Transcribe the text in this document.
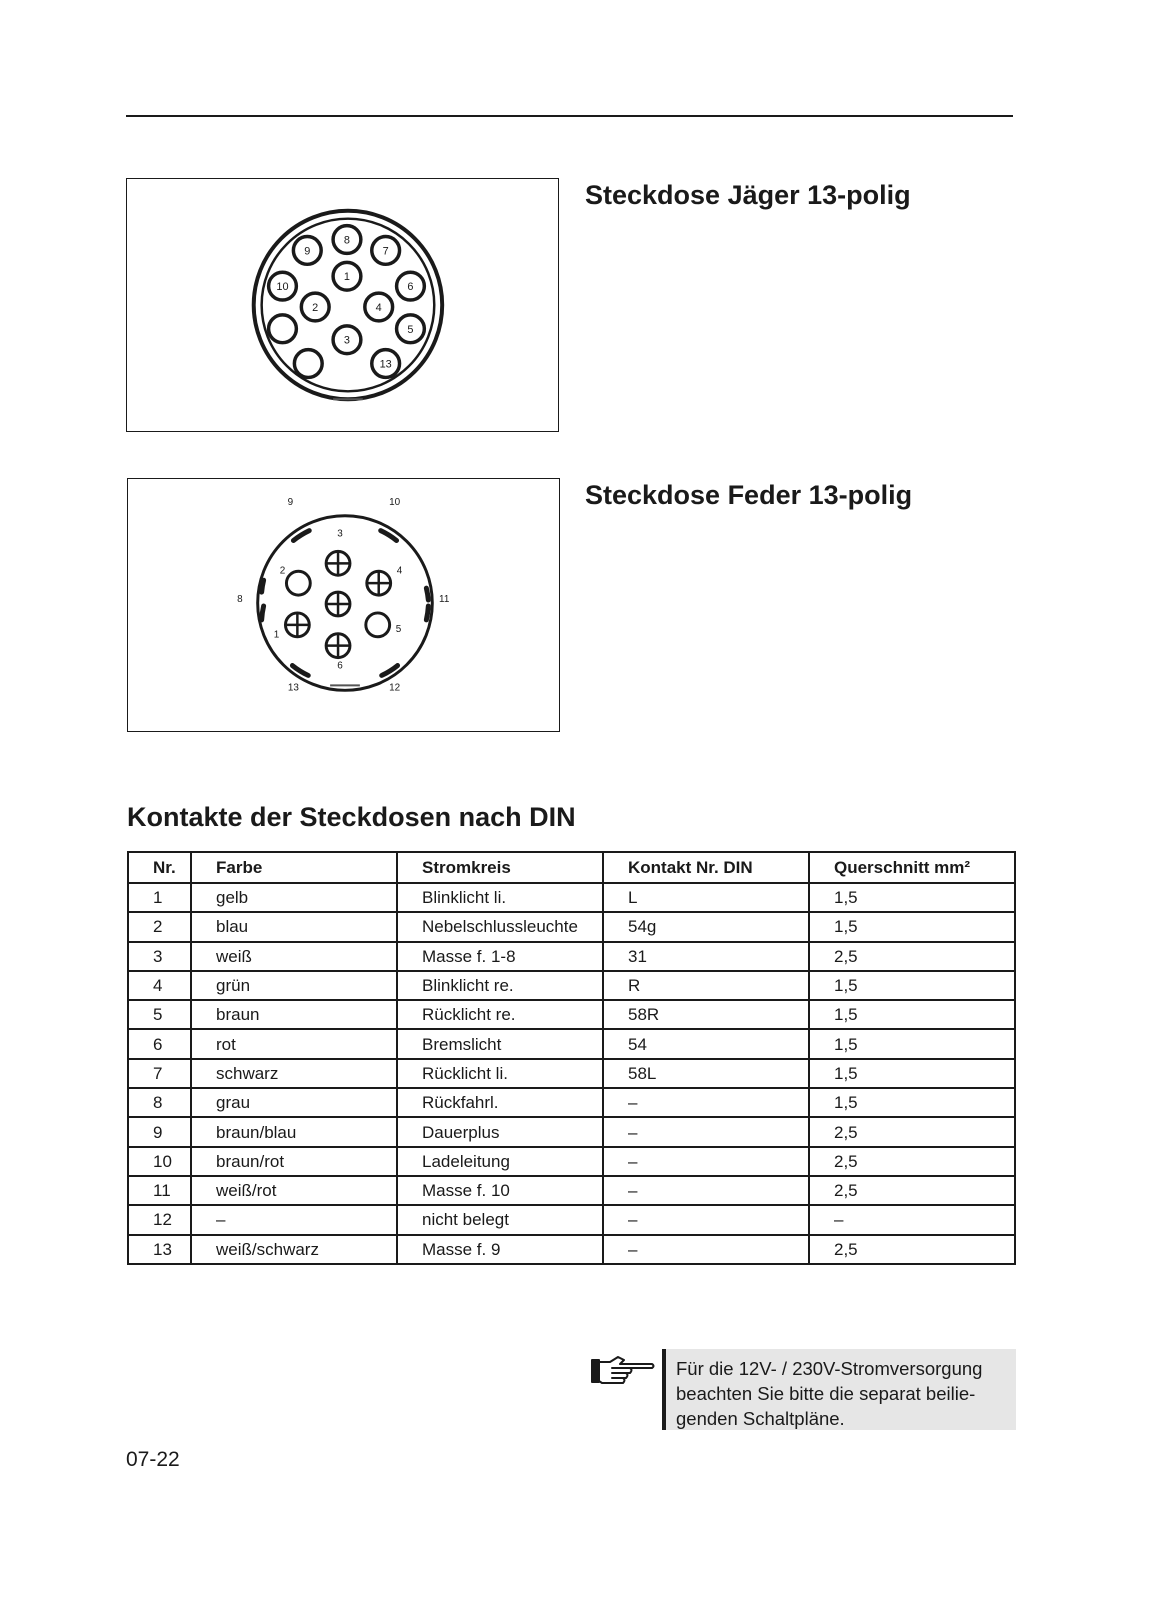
8
9	7
1
10	6
2	4
5
3
13
Steckdose Jäger 13-polig
9	10
8	11
13	12
3
2	4
1
5
6
Steckdose Feder 13-polig
Kontakte der Steckdosen nach DIN
Nr.	Farbe	Stromkreis	Kontakt Nr. DIN	Querschnitt mm²
1	gelb	Blinklicht li.	L	1,5
2	blau	Nebelschlussleuchte	54g	1,5
3	weiß	Masse f. 1-8	31	2,5
4	grün	Blinklicht re.	R	1,5
5	braun	Rücklicht re.	58R	1,5
6	rot	Bremslicht	54	1,5
7	schwarz	Rücklicht li.	58L	1,5
8	grau	Rückfahrl.	–	1,5
9	braun/blau	Dauerplus	–	2,5
10	braun/rot	Ladeleitung	–	2,5
11	weiß/rot	Masse f. 10	–	2,5
12	–	nicht belegt	–	–
13	weiß/schwarz	Masse f. 9	–	2,5
Für die 12V- / 230V-Stromversorgung
beachten Sie bitte die separat beilie-
genden Schaltpläne.
07-22
